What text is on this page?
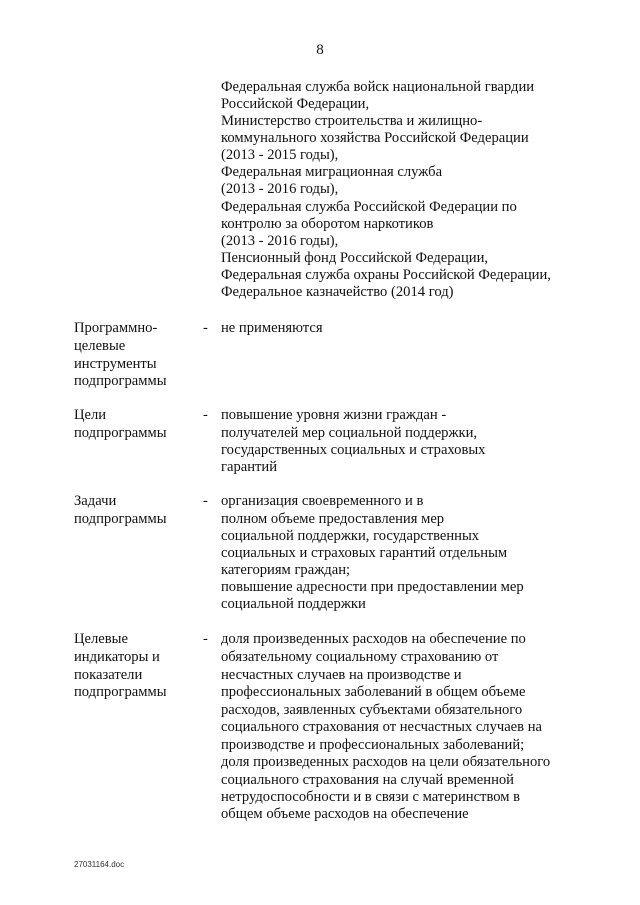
8
Федеральная служба войск национальной гвардии
Российской Федерации,
Министерство строительства и жилищно-
коммунального хозяйства Российской Федерации
(2013 - 2015 годы),
Федеральная миграционная служба
(2013 - 2016 годы),
Федеральная служба Российской Федерации по
контролю за оборотом наркотиков
(2013 - 2016 годы),
Пенсионный фонд Российской Федерации,
Федеральная служба охраны Российской Федерации,
Федеральное казначейство (2014 год)
Программно-
целевые
инструменты
подпрограммы
- не применяются
Цели
подпрограммы
- повышение уровня жизни граждан -
получателей мер социальной поддержки,
государственных социальных и страховых
гарантий
Задачи
подпрограммы
- организация своевременного и в
полном объеме предоставления мер
социальной поддержки, государственных
социальных и страховых гарантий отдельным
категориям граждан;
повышение адресности при предоставлении мер
социальной поддержки
Целевые
индикаторы и
показатели
подпрограммы
- доля произведенных расходов на обеспечение по
обязательному социальному страхованию от
несчастных случаев на производстве и
профессиональных заболеваний в общем объеме
расходов, заявленных субъектами обязательного
социального страхования от несчастных случаев на
производстве и профессиональных заболеваний;
доля произведенных расходов на цели обязательного
социального страхования на случай временной
нетрудоспособности и в связи с материнством в
общем объеме расходов на обеспечение
27031164.doc
